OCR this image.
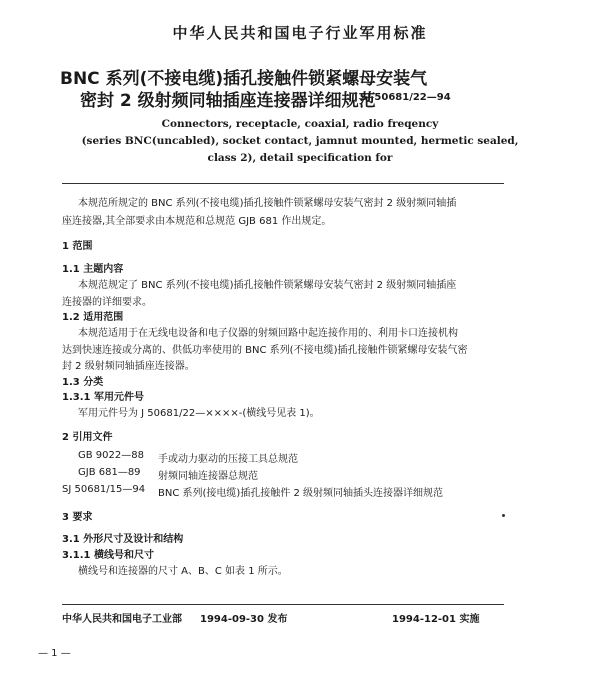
中华人民共和国电子行业军用标准
BNC 系列(不接电缆)插孔接触件锁紧螺母安装气
密封 2 级射频同轴插座连接器详细规范
SJ 50681/22—94
Connectors, receptacle, coaxial, radio freqency
(series BNC(uncabled), socket contact, jamnut mounted, hermetic sealed,
class 2), detail specification for
本规范所规定的 BNC 系列(不接电缆)插孔接触件锁紧螺母安装气密封 2 级射频同轴插
座连接器,其全部要求由本规范和总规范 GJB 681 作出规定。
1 范围
1.1 主题内容
本规范规定了 BNC 系列(不接电缆)插孔接触件锁紧螺母安装气密封 2 级射频同轴插座
连接器的详细要求。
1.2 适用范围
本规范适用于在无线电设备和电子仪器的射频回路中起连接作用的、利用卡口连接机构
达到快速连接或分离的、供低功率使用的 BNC 系列(不接电缆)插孔接触件锁紧螺母安装气密
封 2 级射频同轴插座连接器。
1.3 分类
1.3.1 军用元件号
军用元件号为 J 50681/22—××××-(横线号见表 1)。
2 引用文件
GB 9022—88 手或动力驱动的压接工具总规范
GJB 681—89 射频同轴连接器总规范
SJ 50681/15—94 BNC 系列(接电缆)插孔接触件 2 级射频同轴插头连接器详细规范
3 要求
3.1 外形尺寸及设计和结构
3.1.1 横线号和尺寸
横线号和连接器的尺寸 A、B、C 如表 1 所示。
中华人民共和国电子工业部 1994-09-30 发布	1994-12-01 实施
— 1 —
